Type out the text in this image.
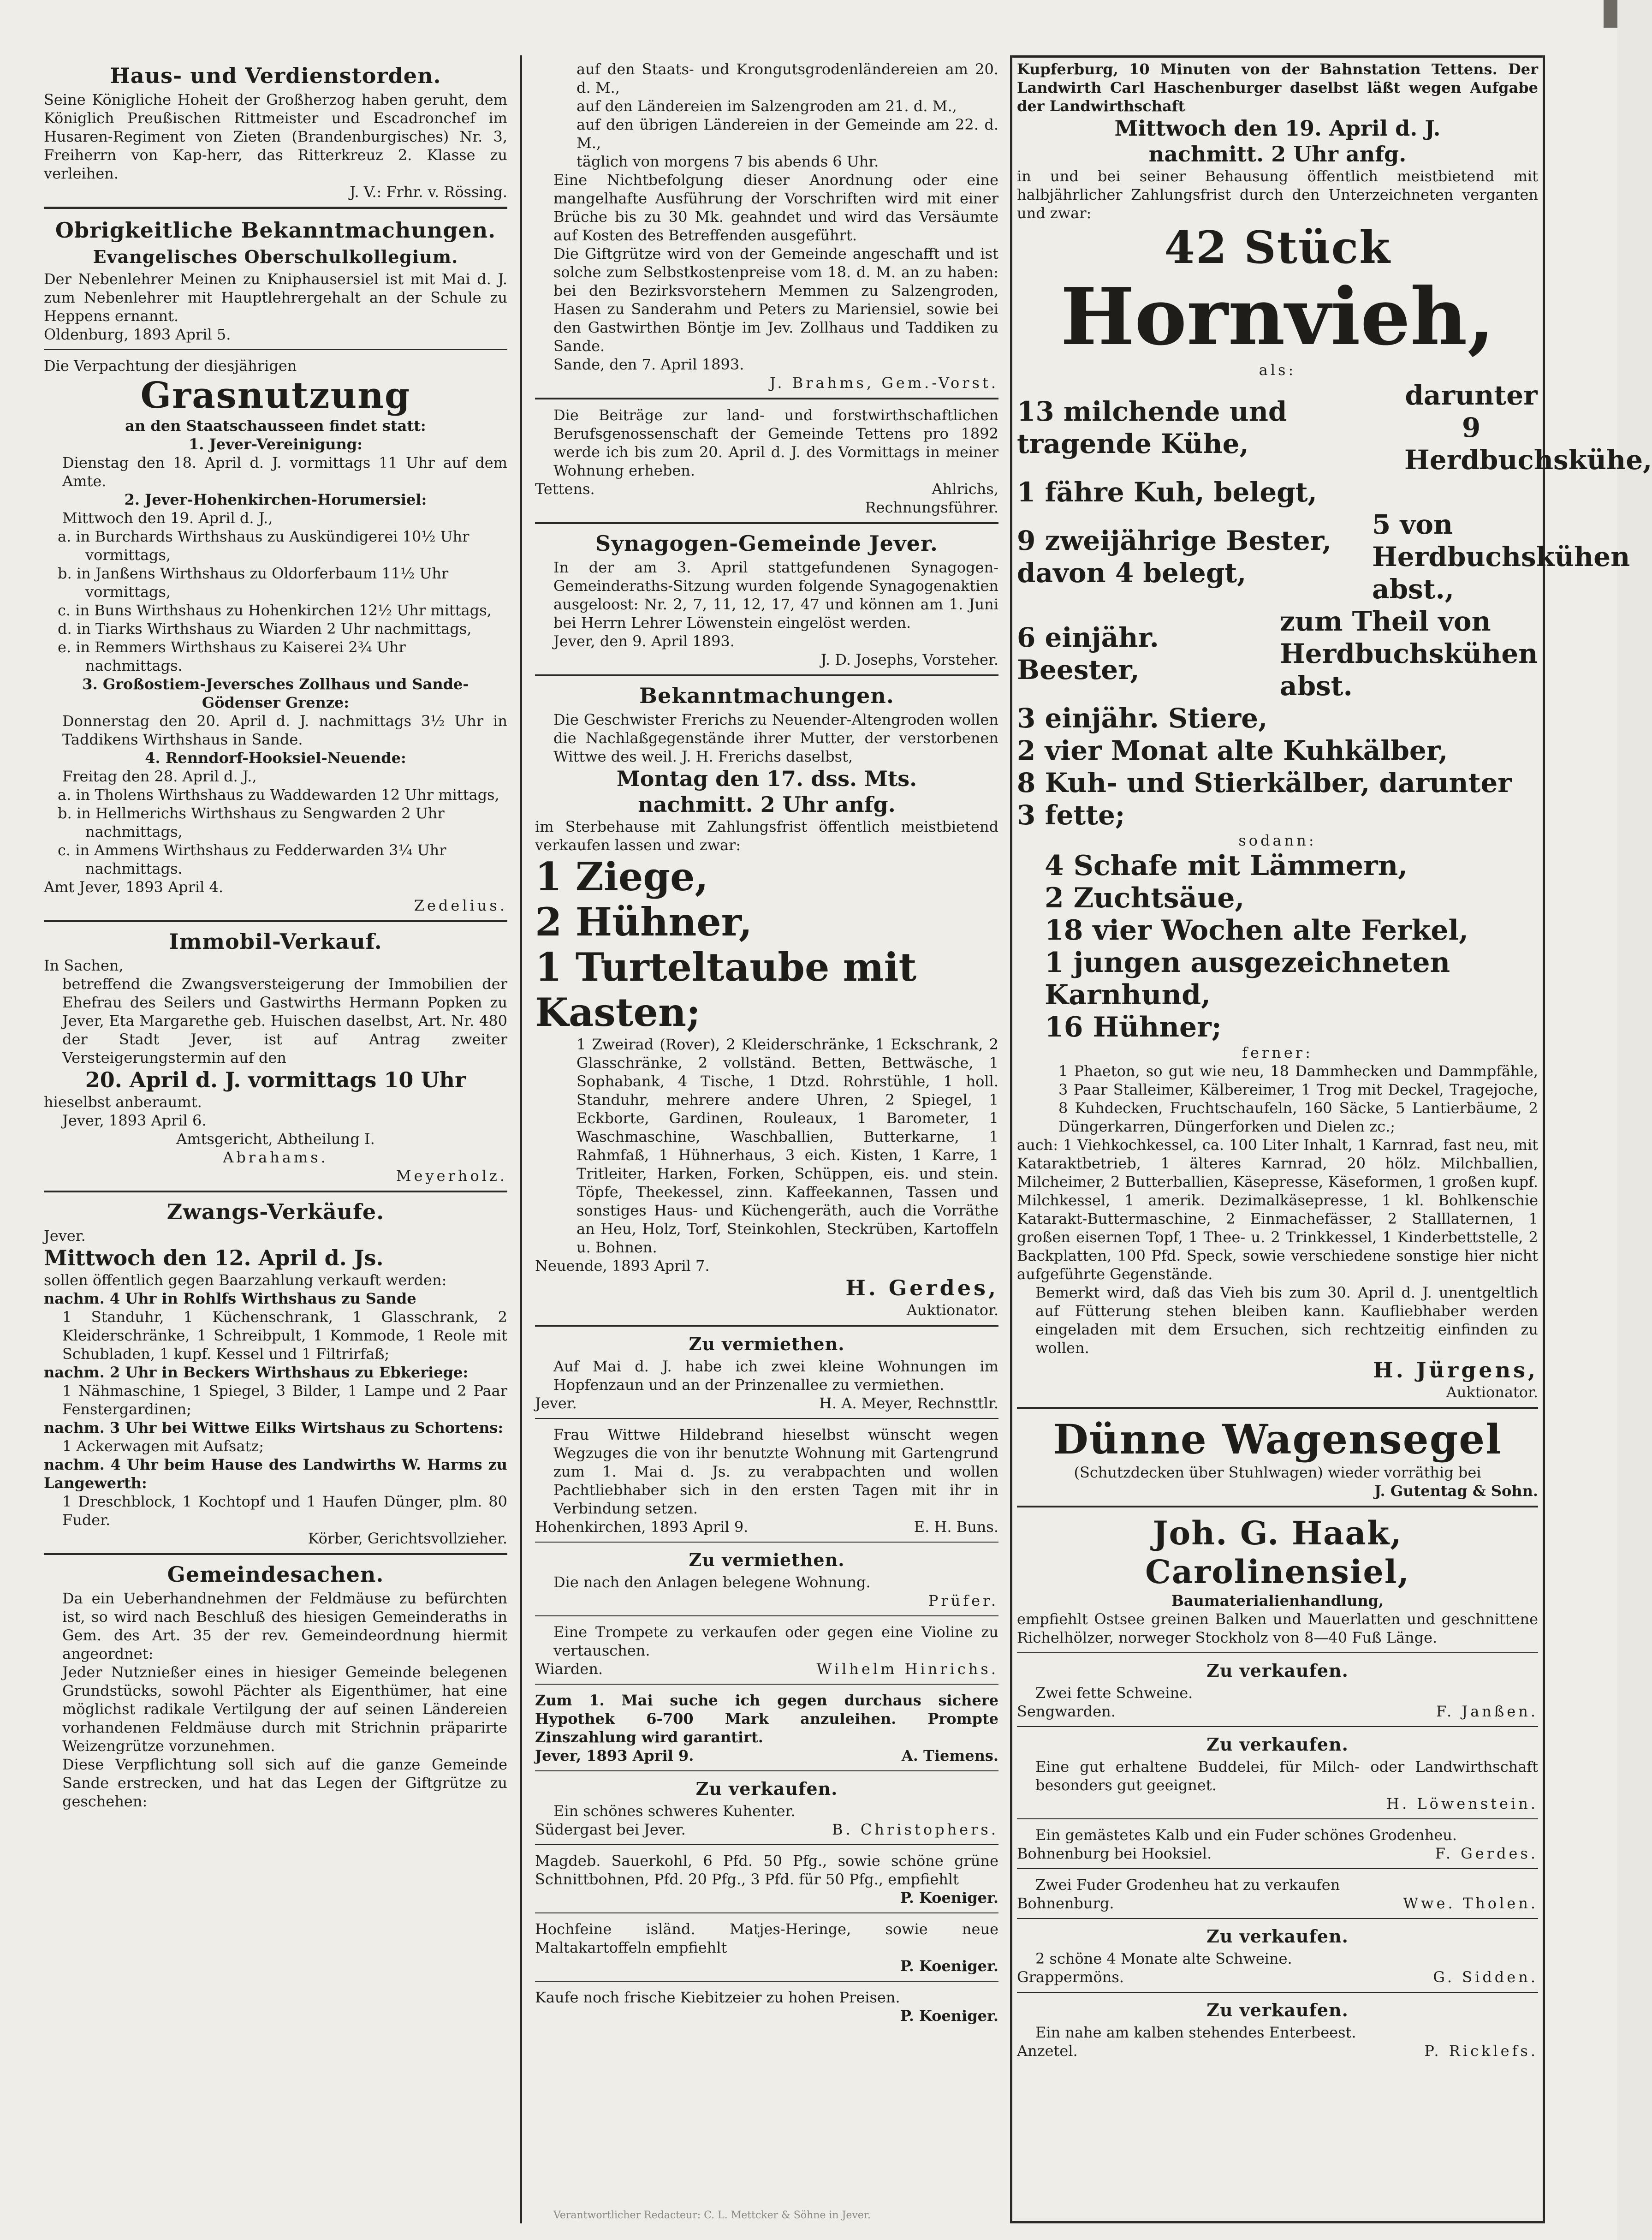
Haus- und Verdienstorden.

Seine Königliche Hoheit der Großherzog haben geruht, dem Königlich Preußischen Rittmeister und Escadronchef im Husaren-Regiment von Zieten (Brandenburgisches) Nr. 3, Freiherrn von Kap-herr, das Ritterkreuz 2. Klasse zu verleihen.

J. V.: Frhr. v. Rössing.

Obrigkeitliche Bekanntmachungen.
Evangelisches Oberschulkollegium.

Der Nebenlehrer Meinen zu Kniphausersiel ist mit Mai d. J. zum Nebenlehrer mit Hauptlehrergehalt an der Schule zu Heppens ernannt.

Oldenburg, 1893 April 5.

Die Verpachtung der diesjährigen

Grasnutzung

an den Staatschausseen findet statt:

1. Jever-Vereinigung:

Dienstag den 18. April d. J. vormittags 11 Uhr auf dem Amte.

2. Jever-Hohenkirchen-Horumersiel:

Mittwoch den 19. April d. J.,

a. in Burchards Wirthshaus zu Auskündigerei 10½ Uhr vormittags,

b. in Janßens Wirthshaus zu Oldorferbaum 11½ Uhr vormittags,

c. in Buns Wirthshaus zu Hohenkirchen 12½ Uhr mittags,

d. in Tiarks Wirthshaus zu Wiarden 2 Uhr nachmittags,

e. in Remmers Wirthshaus zu Kaiserei 2¾ Uhr nachmittags.

3. Großostiem-Jeversches Zollhaus und Sande-Gödenser Grenze:

Donnerstag den 20. April d. J. nachmittags 3½ Uhr in Taddikens Wirthshaus in Sande.

4. Renndorf-Hooksiel-Neuende:

Freitag den 28. April d. J.,

a. in Tholens Wirthshaus zu Waddewarden 12 Uhr mittags,

b. in Hellmerichs Wirthshaus zu Sengwarden 2 Uhr nachmittags,

c. in Ammens Wirthshaus zu Fedderwarden 3¼ Uhr nachmittags.

Amt Jever, 1893 April 4.

Zedelius.

Immobil-Verkauf.

In Sachen,

betreffend die Zwangsversteigerung der Immobilien der Ehefrau des Seilers und Gastwirths Hermann Popken zu Jever, Eta Margarethe geb. Huischen daselbst, Art. Nr. 480 der Stadt Jever, ist auf Antrag zweiter Versteigerungstermin auf den

20. April d. J. vormittags 10 Uhr

hieselbst anberaumt.

Jever, 1893 April 6.

Amtsgericht, Abtheilung I.

Abrahams.

Meyerholz.

Zwangs-Verkäufe.

Jever.

Mittwoch den 12. April d. Js.

sollen öffentlich gegen Baarzahlung verkauft werden:

nachm. 4 Uhr in Rohlfs Wirthshaus zu Sande

1 Standuhr, 1 Küchenschrank, 1 Glasschrank, 2 Kleiderschränke, 1 Schreibpult, 1 Kommode, 1 Reole mit Schubladen, 1 kupf. Kessel und 1 Filtrirfaß;

nachm. 2 Uhr in Beckers Wirthshaus zu Ebkeriege:

1 Nähmaschine, 1 Spiegel, 3 Bilder, 1 Lampe und 2 Paar Fenstergardinen;

nachm. 3 Uhr bei Wittwe Eilks Wirtshaus zu Schortens:

1 Ackerwagen mit Aufsatz;

nachm. 4 Uhr beim Hause des Landwirths W. Harms zu Langewerth:

1 Dreschblock, 1 Kochtopf und 1 Haufen Dünger, plm. 80 Fuder.

Körber, Gerichtsvollzieher.

Gemeindesachen.

Da ein Ueberhandnehmen der Feldmäuse zu befürchten ist, so wird nach Beschluß des hiesigen Gemeinderaths in Gem. des Art. 35 der rev. Gemeindeordnung hiermit angeordnet:

Jeder Nutznießer eines in hiesiger Gemeinde belegenen Grundstücks, sowohl Pächter als Eigenthümer, hat eine möglichst radikale Vertilgung der auf seinen Ländereien vorhandenen Feldmäuse durch mit Strichnin präparirte Weizengrütze vorzunehmen.

Diese Verpflichtung soll sich auf die ganze Gemeinde Sande erstrecken, und hat das Legen der Giftgrütze zu geschehen:

auf den Staats- und Krongutsgrodenländereien am 20. d. M.,

auf den Ländereien im Salzengroden am 21. d. M.,

auf den übrigen Ländereien in der Gemeinde am 22. d. M.,

täglich von morgens 7 bis abends 6 Uhr.

Eine Nichtbefolgung dieser Anordnung oder eine mangelhafte Ausführung der Vorschriften wird mit einer Brüche bis zu 30 Mk. geahndet und wird das Versäumte auf Kosten des Betreffenden ausgeführt.

Die Giftgrütze wird von der Gemeinde angeschafft und ist solche zum Selbstkostenpreise vom 18. d. M. an zu haben: bei den Bezirksvorstehern Memmen zu Salzengroden, Hasen zu Sanderahm und Peters zu Mariensiel, sowie bei den Gastwirthen Böntje im Jev. Zollhaus und Taddiken zu Sande.

Sande, den 7. April 1893.

J. Brahms, Gem.-Vorst.

Die Beiträge zur land- und forstwirthschaftlichen Berufsgenossenschaft der Gemeinde Tettens pro 1892 werde ich bis zum 20. April d. J. des Vormittags in meiner Wohnung erheben.

Tettens.	Ahlrichs,

Rechnungsführer.

Synagogen-Gemeinde Jever.

In der am 3. April stattgefundenen Synagogen-Gemeinderaths-Sitzung wurden folgende Synagogenaktien ausgeloost: Nr. 2, 7, 11, 12, 17, 47 und können am 1. Juni bei Herrn Lehrer Löwenstein eingelöst werden.

Jever, den 9. April 1893.

J. D. Josephs, Vorsteher.

Bekanntmachungen.

Die Geschwister Frerichs zu Neuender-Altengroden wollen die Nachlaßgegenstände ihrer Mutter, der verstorbenen Wittwe des weil. J. H. Frerichs daselbst,

Montag den 17. dss. Mts.

nachmitt. 2 Uhr anfg.

im Sterbehause mit Zahlungsfrist öffentlich meistbietend verkaufen lassen und zwar:

1 Ziege,
2 Hühner,
1 Turteltaube mit Kasten;

1 Zweirad (Rover), 2 Kleiderschränke, 1 Eckschrank, 2 Glasschränke, 2 vollständ. Betten, Bettwäsche, 1 Sophabank, 4 Tische, 1 Dtzd. Rohrstühle, 1 holl. Standuhr, mehrere andere Uhren, 2 Spiegel, 1 Eckborte, Gardinen, Rouleaux, 1 Barometer, 1 Waschmaschine, Waschballien, Butterkarne, 1 Rahmfaß, 1 Hühnerhaus, 3 eich. Kisten, 1 Karre, 1 Tritleiter, Harken, Forken, Schüppen, eis. und stein. Töpfe, Theekessel, zinn. Kaffeekannen, Tassen und sonstiges Haus- und Küchengeräth, auch die Vorräthe an Heu, Holz, Torf, Steinkohlen, Steckrüben, Kartoffeln u. Bohnen.

Neuende, 1893 April 7.

H. Gerdes,

Auktionator.

Zu vermiethen.

Auf Mai d. J. habe ich zwei kleine Wohnungen im Hopfenzaun und an der Prinzenallee zu vermiethen.

Jever.	H. A. Meyer, Rechnsttlr.

Frau Wittwe Hildebrand hieselbst wünscht wegen Wegzuges die von ihr benutzte Wohnung mit Gartengrund zum 1. Mai d. Js. zu verabpachten und wollen Pachtliebhaber sich in den ersten Tagen mit ihr in Verbindung setzen.

Hohenkirchen, 1893 April 9.	E. H. Buns.
Zu vermiethen.

Die nach den Anlagen belegene Wohnung.

Prüfer.

Eine Trompete zu verkaufen oder gegen eine Violine zu vertauschen.

Wiarden.	Wilhelm Hinrichs.

Zum 1. Mai suche ich gegen durchaus sichere Hypothek 6-700 Mark anzuleihen. Prompte Zinszahlung wird garantirt.

Jever, 1893 April 9.	A. Tiemens.
Zu verkaufen.

Ein schönes schweres Kuhenter.

Südergast bei Jever.	B. Christophers.

Magdeb. Sauerkohl, 6 Pfd. 50 Pfg., sowie schöne grüne Schnittbohnen, Pfd. 20 Pfg., 3 Pfd. für 50 Pfg., empfiehlt

P. Koeniger.

Hochfeine isländ. Matjes-Heringe, sowie neue Maltakartoffeln empfiehlt

P. Koeniger.

Kaufe noch frische Kiebitzeier zu hohen Preisen.

P. Koeniger.

Kupferburg, 10 Minuten von der Bahnstation Tettens. Der Landwirth Carl Haschenburger daselbst läßt wegen Aufgabe der Landwirthschaft

Mittwoch den 19. April d. J.

nachmitt. 2 Uhr anfg.

in und bei seiner Behausung öffentlich meistbietend mit halbjährlicher Zahlungsfrist durch den Unterzeichneten verganten und zwar:

42 Stück
Hornvieh,

als:

13 milchende und tragende Kühe,
darunter 9 Herdbuchskühe,
1 fähre Kuh, belegt,
9 zweijährige Bester, davon 4 belegt,
5 von Herdbuchskühen abst.,
6 einjähr. Beester,
zum Theil von Herdbuchskühen abst.
3 einjähr. Stiere,
2 vier Monat alte Kuhkälber,
8 Kuh- und Stierkälber, darunter 3 fette;

sodann:

4 Schafe mit Lämmern,
2 Zuchtsäue,
18 vier Wochen alte Ferkel,
1 jungen ausgezeichneten Karnhund,
16 Hühner;

ferner:

1 Phaeton, so gut wie neu, 18 Dammhecken und Dammpfähle, 3 Paar Stalleimer, Kälbereimer, 1 Trog mit Deckel, Tragejoche, 8 Kuhdecken, Fruchtschaufeln, 160 Säcke, 5 Lantierbäume, 2 Düngerkarren, Düngerforken und Dielen zc.;

auch: 1 Viehkochkessel, ca. 100 Liter Inhalt, 1 Karnrad, fast neu, mit Kataraktbetrieb, 1 älteres Karnrad, 20 hölz. Milchballien, Milcheimer, 2 Butterballien, Käsepresse, Käseformen, 1 großen kupf. Milchkessel, 1 amerik. Dezimalkäsepresse, 1 kl. Bohlkenschie Katarakt-Buttermaschine, 2 Einmachefässer, 2 Stalllaternen, 1 großen eisernen Topf, 1 Thee- u. 2 Trinkkessel, 1 Kinderbettstelle, 2 Backplatten, 100 Pfd. Speck, sowie verschiedene sonstige hier nicht aufgeführte Gegenstände.

Bemerkt wird, daß das Vieh bis zum 30. April d. J. unentgeltlich auf Fütterung stehen bleiben kann. Kaufliebhaber werden eingeladen mit dem Ersuchen, sich rechtzeitig einfinden zu wollen.

H. Jürgens,

Auktionator.

Dünne Wagensegel

(Schutzdecken über Stuhlwagen) wieder vorräthig bei

J. Gutentag & Sohn.

Joh. G. Haak, Carolinensiel,

Baumaterialienhandlung,

empfiehlt Ostsee greinen Balken und Mauerlatten und geschnittene Richelhölzer, norweger Stockholz von 8—40 Fuß Länge.

Zu verkaufen.

Zwei fette Schweine.

Sengwarden.	F. Janßen.
Zu verkaufen.

Eine gut erhaltene Buddelei, für Milch- oder Landwirthschaft besonders gut geeignet.

H. Löwenstein.

Ein gemästetes Kalb und ein Fuder schönes Grodenheu.

Bohnenburg bei Hooksiel.	F. Gerdes.

Zwei Fuder Grodenheu hat zu verkaufen

Bohnenburg.	Wwe. Tholen.
Zu verkaufen.

2 schöne 4 Monate alte Schweine.

Grappermöns.	G. Sidden.
Zu verkaufen.

Ein nahe am kalben stehendes Enterbeest.

Anzetel.	P. Ricklefs.
Verantwortlicher Redacteur: C. L. Mettcker & Söhne in Jever.
